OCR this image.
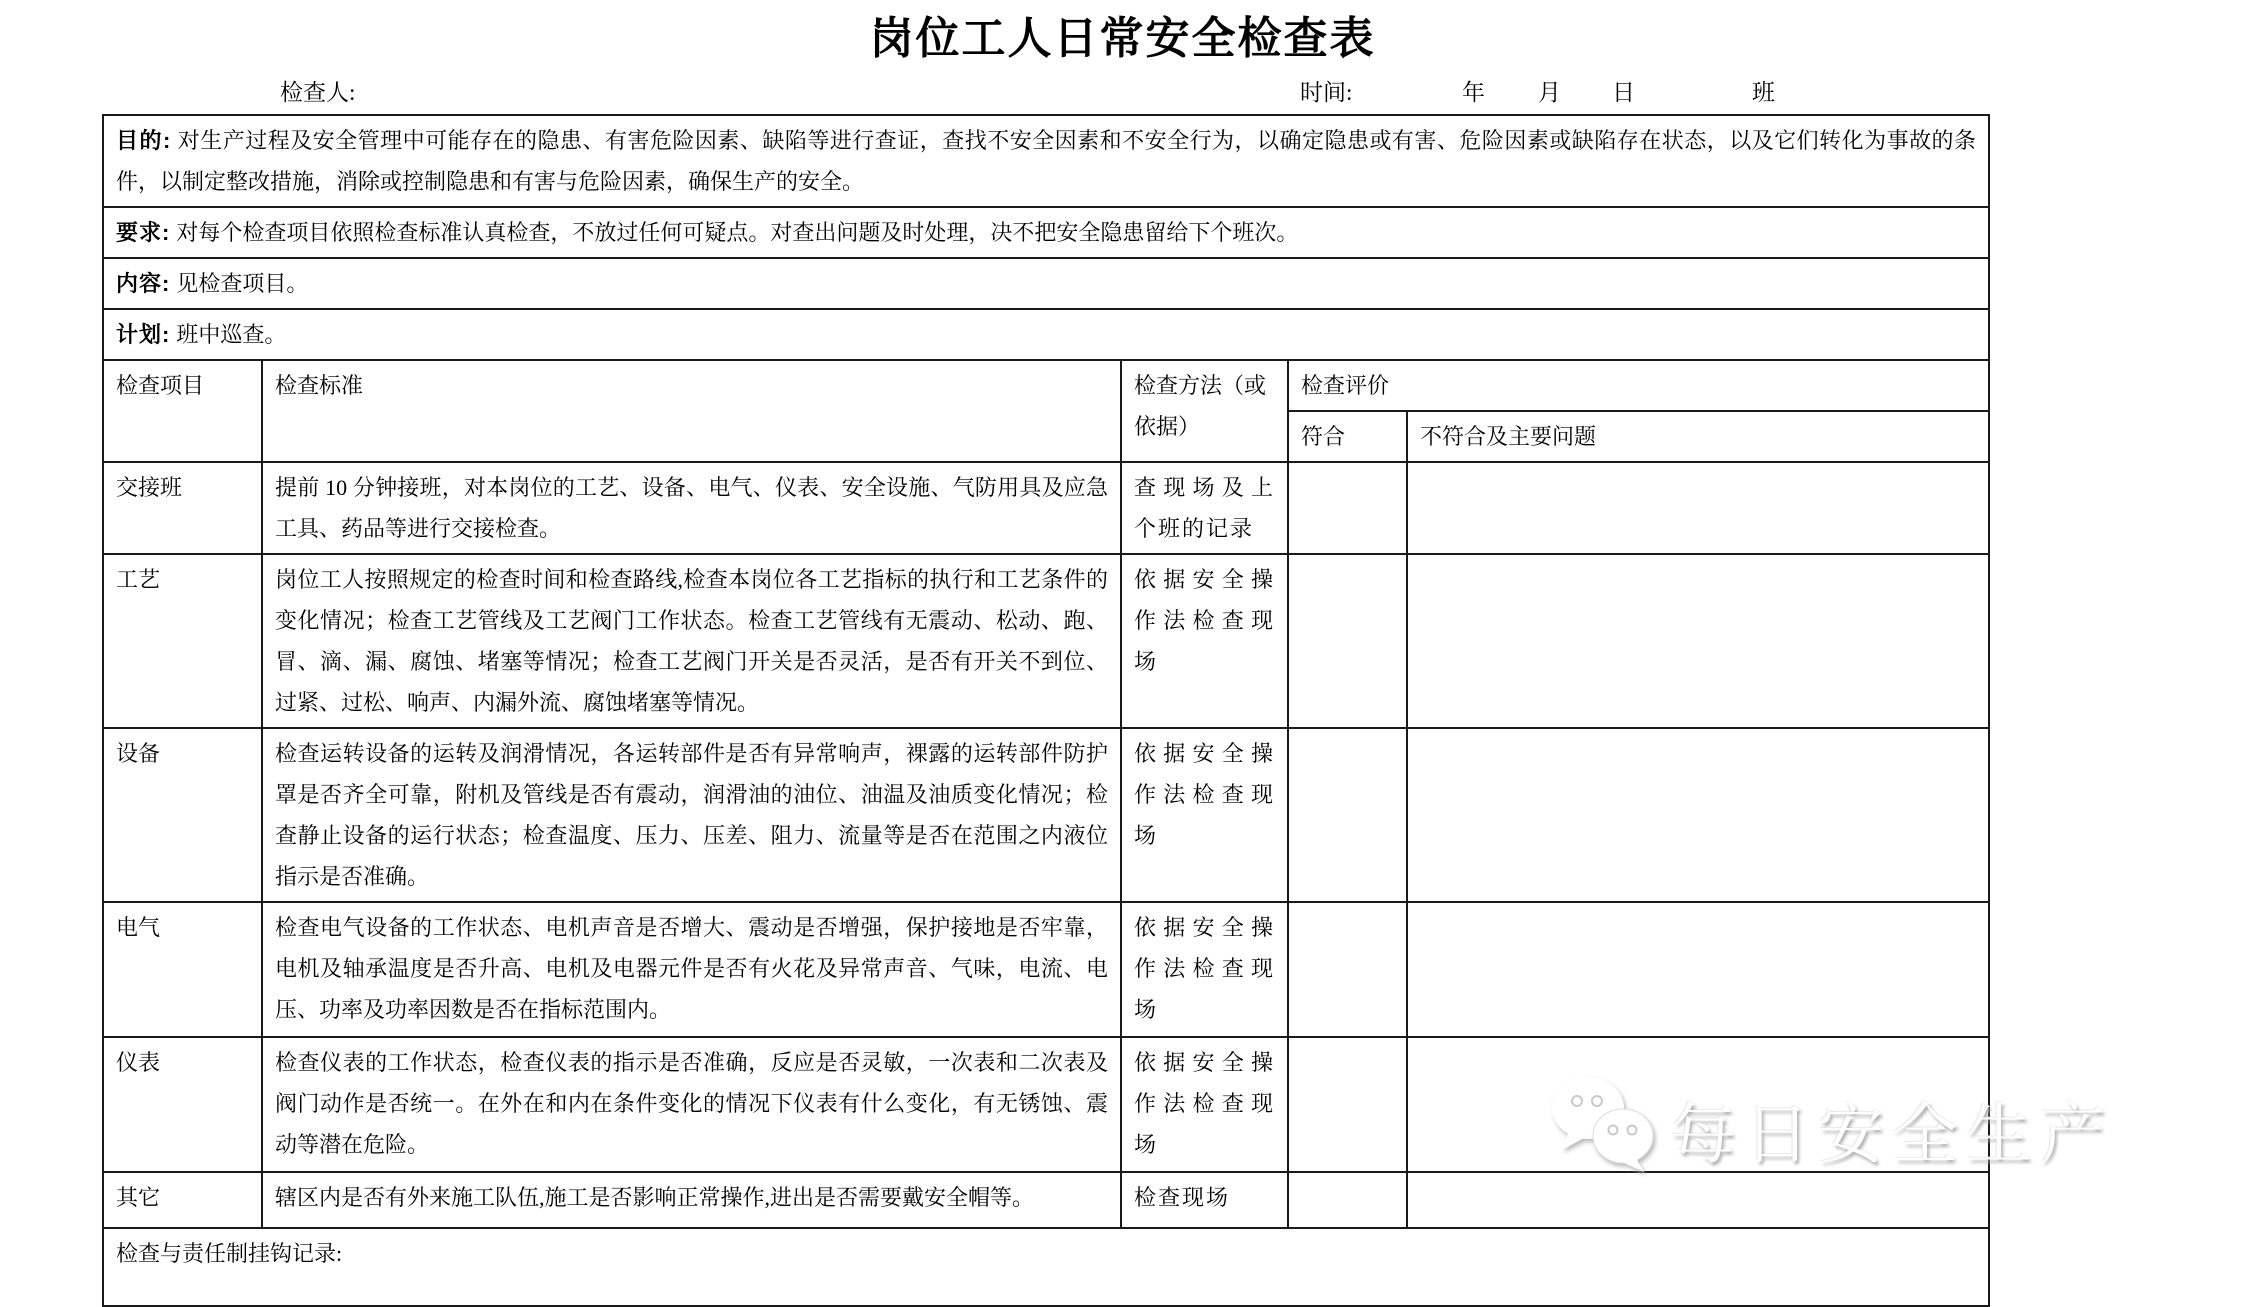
岗位工人日常安全检查表
检查人:	时间:	年 月 日	班
目的: 对生产过程及安全管理中可能存在的隐患、有害危险因素、缺陷等进行查证，查找不安全因素和不安全行为，以确定隐患或有害、危险因素或缺陷存在状态，以及它们转化为事故的条件，以制定整改措施，消除或控制隐患和有害与危险因素，确保生产的安全。				
要求: 对每个检查项目依照检查标准认真检查，不放过任何可疑点。对查出问题及时处理，决不把安全隐患留给下个班次。				
内容: 见检查项目。				
计划: 班中巡查。				
检查项目	检查标准	检查方法（或依据）	检查评价	
			符合	不符合及主要问题
交接班	提前 10 分钟接班，对本岗位的工艺、设备、电气、仪表、安全设施、气防用具及应急工具、药品等进行交接检查。	查现场及上个班的记录		
工艺	岗位工人按照规定的检查时间和检查路线,检查本岗位各工艺指标的执行和工艺条件的变化情况；检查工艺管线及工艺阀门工作状态。检查工艺管线有无震动、松动、跑、冒、滴、漏、腐蚀、堵塞等情况；检查工艺阀门开关是否灵活，是否有开关不到位、过紧、过松、响声、内漏外流、腐蚀堵塞等情况。	依据安全操作法检查现场		
设备	检查运转设备的运转及润滑情况，各运转部件是否有异常响声，裸露的运转部件防护罩是否齐全可靠，附机及管线是否有震动，润滑油的油位、油温及油质变化情况；检查静止设备的运行状态；检查温度、压力、压差、阻力、流量等是否在范围之内液位指示是否准确。	依据安全操作法检查现场		
电气	检查电气设备的工作状态、电机声音是否增大、震动是否增强，保护接地是否牢靠，电机及轴承温度是否升高、电机及电器元件是否有火花及异常声音、气味，电流、电压、功率及功率因数是否在指标范围内。	依据安全操作法检查现场		
仪表	检查仪表的工作状态，检查仪表的指示是否准确，反应是否灵敏，一次表和二次表及阀门动作是否统一。在外在和内在条件变化的情况下仪表有什么变化，有无锈蚀、震动等潜在危险。	依据安全操作法检查现场		
其它	辖区内是否有外来施工队伍,施工是否影响正常操作,进出是否需要戴安全帽等。	检查现场		
检查与责任制挂钩记录:				
每日安全生产
